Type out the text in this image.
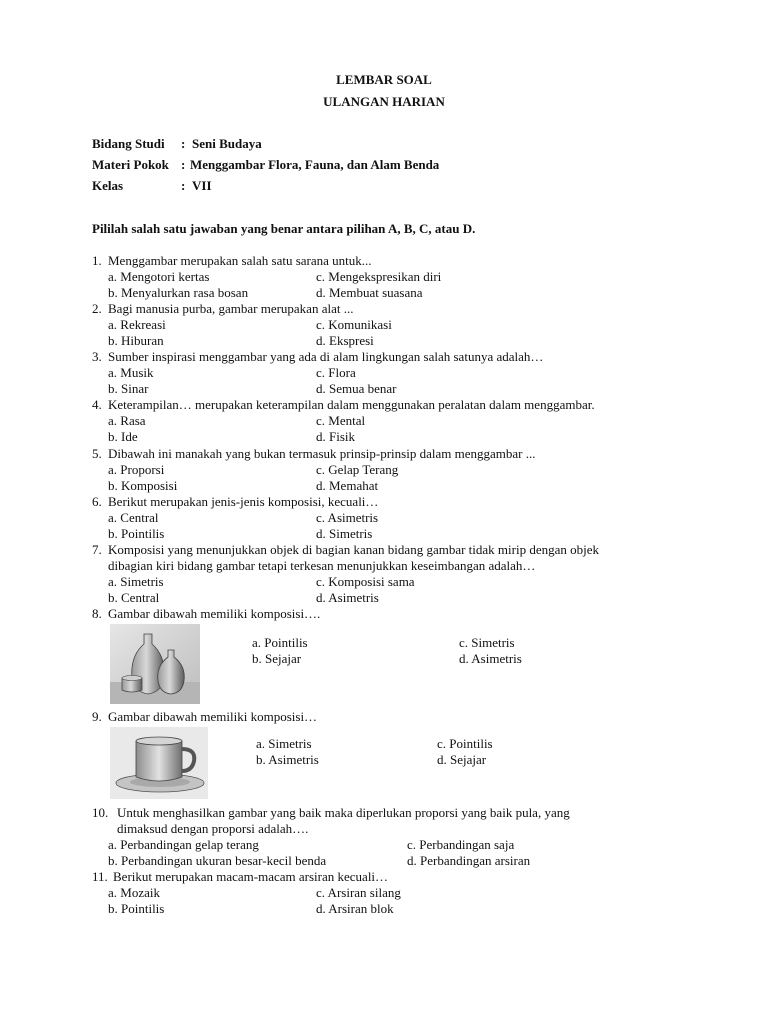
LEMBAR SOAL
ULANGAN HARIAN
Bidang Studi : Seni Budaya
Materi Pokok : Menggambar Flora, Fauna, dan Alam Benda
Kelas	: VII
Pililah salah satu jawaban yang benar antara pilihan A, B, C, atau D.
1. Menggambar merupakan salah satu sarana untuk...
a. Mengotori kertas	c. Mengekspresikan diri
b. Menyalurkan rasa bosan	d. Membuat suasana
2. Bagi manusia purba, gambar merupakan alat ...
a. Rekreasi	c. Komunikasi
b. Hiburan	d. Ekspresi
3. Sumber inspirasi menggambar yang ada di alam lingkungan salah satunya adalah…
a. Musik	c. Flora
b. Sinar	d. Semua benar
4. Keterampilan… merupakan keterampilan dalam menggunakan peralatan dalam menggambar.
a. Rasa	c. Mental
b. Ide	d. Fisik
5. Dibawah ini manakah yang bukan termasuk prinsip-prinsip dalam menggambar ...
a. Proporsi	c. Gelap Terang
b. Komposisi	d. Memahat
6. Berikut merupakan jenis-jenis komposisi, kecuali…
a. Central	c. Asimetris
b. Pointilis	d. Simetris
7. Komposisi yang menunjukkan objek di bagian kanan bidang gambar tidak mirip dengan objek
dibagian kiri bidang gambar tetapi terkesan menunjukkan keseimbangan adalah…
a. Simetris	c. Komposisi sama
b. Central	d. Asimetris
8. Gambar dibawah memiliki komposisi….
a. Pointilis	c. Simetris
b. Sejajar	d. Asimetris
9. Gambar dibawah memiliki komposisi…
a. Simetris	c. Pointilis
b. Asimetris	d. Sejajar
10. Untuk menghasilkan gambar yang baik maka diperlukan proporsi yang baik pula, yang
dimaksud dengan proporsi adalah….
a. Perbandingan gelap terang	c. Perbandingan saja
b. Perbandingan ukuran besar-kecil benda	d. Perbandingan arsiran
11. Berikut merupakan macam-macam arsiran kecuali…
a. Mozaik	c. Arsiran silang
b. Pointilis	d. Arsiran blok
